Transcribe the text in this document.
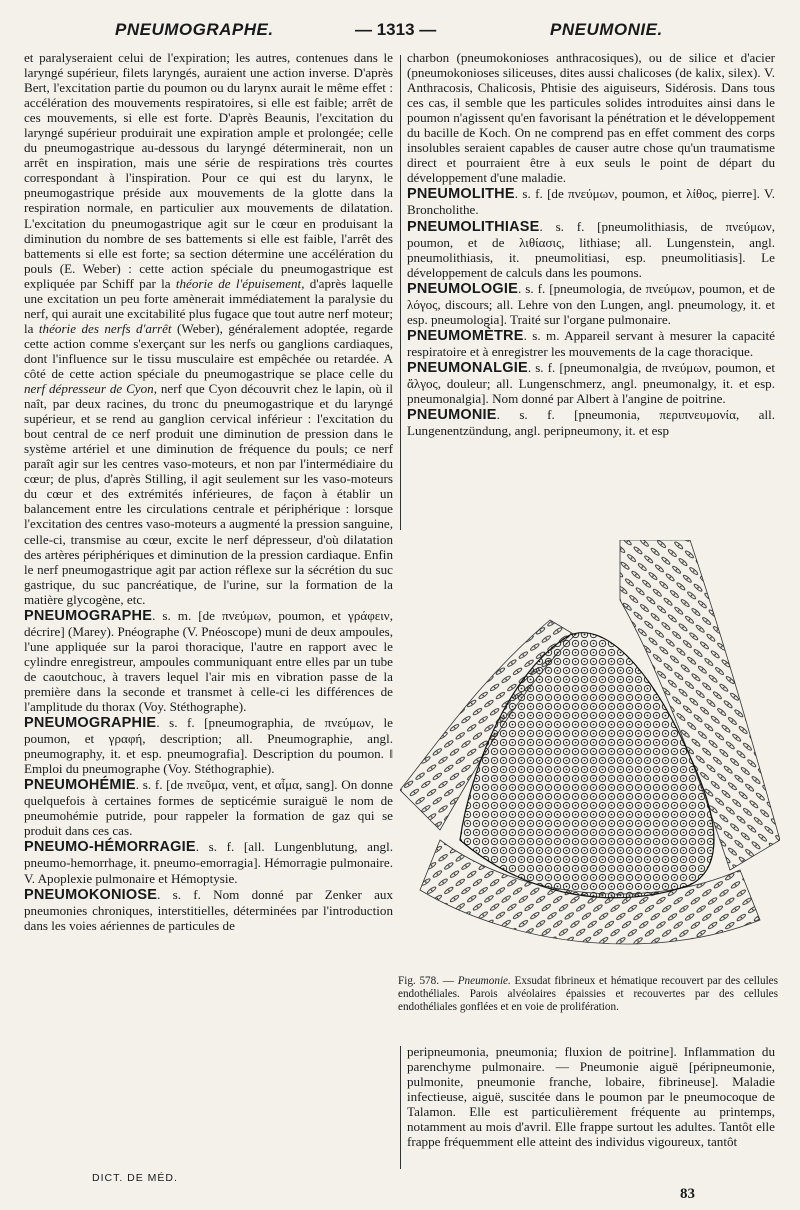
PNEUMOGRAPHE.	— 1313 —	PNEUMONIE.

et paralyseraient celui de l'expiration; les autres, contenues dans le laryngé supérieur, filets laryngés, auraient une action inverse. D'après Bert, l'excitation partie du poumon ou du larynx aurait le même effet : accélération des mouvements respiratoires, si elle est faible; arrêt de ces mouvements, si elle est forte. D'après Beaunis, l'excitation du laryngé supérieur produirait une expiration ample et prolongée; celle du pneumogastrique au-dessous du laryngé déterminerait, non un arrêt en inspiration, mais une série de respirations très courtes correspondant à l'inspiration. Pour ce qui est du larynx, le pneumogastrique préside aux mouvements de la glotte dans la respiration normale, en particulier aux mouvements de dilatation. L'excitation du pneumogastrique agit sur le cœur en produisant la diminution du nombre de ses battements si elle est faible, l'arrêt des battements si elle est forte; sa section détermine une accélération du pouls (E. Weber) : cette action spéciale du pneumogastrique est expliquée par Schiff par la théorie de l'épuisement, d'après laquelle une excitation un peu forte amènerait immédiatement la paralysie du nerf, qui aurait une excitabilité plus fugace que tout autre nerf moteur; la théorie des nerfs d'arrêt (Weber), généralement adoptée, regarde cette action comme s'exerçant sur les nerfs ou ganglions cardiaques, dont l'influence sur le tissu musculaire est empêchée ou retardée. A côté de cette action spéciale du pneumogastrique se place celle du nerf dépresseur de Cyon, nerf que Cyon découvrit chez le lapin, où il naît, par deux racines, du tronc du pneumogastrique et du laryngé supérieur, et se rend au ganglion cervical inférieur : l'excitation du bout central de ce nerf produit une diminution de pression dans le système artériel et une diminution de fréquence du pouls; ce nerf paraît agir sur les centres vaso-moteurs, et non par l'intermédiaire du cœur; de plus, d'après Stilling, il agit seulement sur les vaso-moteurs du cœur et des extrémités inférieures, de façon à établir un balancement entre les circulations centrale et périphérique : lorsque l'excitation des centres vaso-moteurs a augmenté la pression sanguine, celle-ci, transmise au cœur, excite le nerf dépresseur, d'où dilatation des artères périphériques et diminution de la pression cardiaque. Enfin le nerf pneumogastrique agit par action réflexe sur la sécrétion du suc gastrique, du suc pancréatique, de l'urine, sur la formation de la matière glycogène, etc.

PNEUMOGRAPHE. s. m. [de πνεύμων, poumon, et γράφειν, décrire] (Marey). Pnéographe (V. Pnéoscope) muni de deux ampoules, l'une appliquée sur la paroi thoracique, l'autre en rapport avec le cylindre enregistreur, ampoules communiquant entre elles par un tube de caoutchouc, à travers lequel l'air mis en vibration passe de la première dans la seconde et transmet à celle-ci les différences de l'amplitude du thorax (Voy. Stéthographe).

PNEUMOGRAPHIE. s. f. [pneumographia, de πνεύμων, le poumon, et γραφή, description; all. Pneumographie, angl. pneumography, it. et esp. pneumografia]. Description du poumon. ‖ Emploi du pneumographe (Voy. Stéthographie).

PNEUMOHÉMIE. s. f. [de πνεῦμα, vent, et αἷμα, sang]. On donne quelquefois à certaines formes de septicémie suraiguë le nom de pneumohémie putride, pour rappeler la formation de gaz qui se produit dans ces cas.

PNEUMO-HÉMORRAGIE. s. f. [all. Lungenblutung, angl. pneumo-hemorrhage, it. pneumo-emorragia]. Hémorragie pulmonaire. V. Apoplexie pulmonaire et Hémoptysie.

PNEUMOKONIOSE. s. f. Nom donné par Zenker aux pneumonies chroniques, interstitielles, déterminées par l'introduction dans les voies aériennes de particules de

charbon (pneumokonioses anthracosiques), ou de silice et d'acier (pneumokonioses siliceuses, dites aussi chalicoses (de kalix, silex). V. Anthracosis, Chalicosis, Phtisie des aiguiseurs, Sidérosis. Dans tous ces cas, il semble que les particules solides introduites ainsi dans le poumon n'agissent qu'en favorisant la pénétration et le développement du bacille de Koch. On ne comprend pas en effet comment des corps insolubles seraient capables de causer autre chose qu'un traumatisme direct et pourraient être à eux seuls le point de départ du développement d'une maladie.

PNEUMOLITHE. s. f. [de πνεύμων, poumon, et λίθος, pierre]. V. Broncholithe.

PNEUMOLITHIASE. s. f. [pneumolithiasis, de πνεύμων, poumon, et de λιθίασις, lithiase; all. Lungenstein, angl. pneumolithiasis, it. pneumolitiasi, esp. pneumolitiasis]. Le développement de calculs dans les poumons.

PNEUMOLOGIE. s. f. [pneumologia, de πνεύμων, poumon, et de λόγος, discours; all. Lehre von den Lungen, angl. pneumology, it. et esp. pneumologia]. Traité sur l'organe pulmonaire.

PNEUMOMÈTRE. s. m. Appareil servant à mesurer la capacité respiratoire et à enregistrer les mouvements de la cage thoracique.

PNEUMONALGIE. s. f. [pneumonalgia, de πνεύμων, poumon, et ἄλγος, douleur; all. Lungenschmerz, angl. pneumonalgy, it. et esp. pneumonalgia]. Nom donné par Albert à l'angine de poitrine.

PNEUMONIE. s. f. [pneumonia, περιπνευμονία, all. Lungenentzündung, angl. peripneumony, it. et esp

Fig. 578. — Pneumonie. Exsudat fibrineux et hématique recouvert par des cellules endothéliales. Parois alvéolaires épaissies et recouvertes par des cellules endothéliales gonflées et en voie de prolifération.

peripneumonia, pneumonia; fluxion de poitrine]. Inflammation du parenchyme pulmonaire. — Pneumonie aiguë [péripneumonie, pulmonite, pneumonie franche, lobaire, fibrineuse]. Maladie infectieuse, aiguë, suscitée dans le poumon par le pneumocoque de Talamon. Elle est particulièrement fréquente au printemps, notamment au mois d'avril. Elle frappe surtout les adultes. Tantôt elle frappe fréquemment elle atteint des individus vigoureux, tantôt

DICT. DE MÉD.
83
